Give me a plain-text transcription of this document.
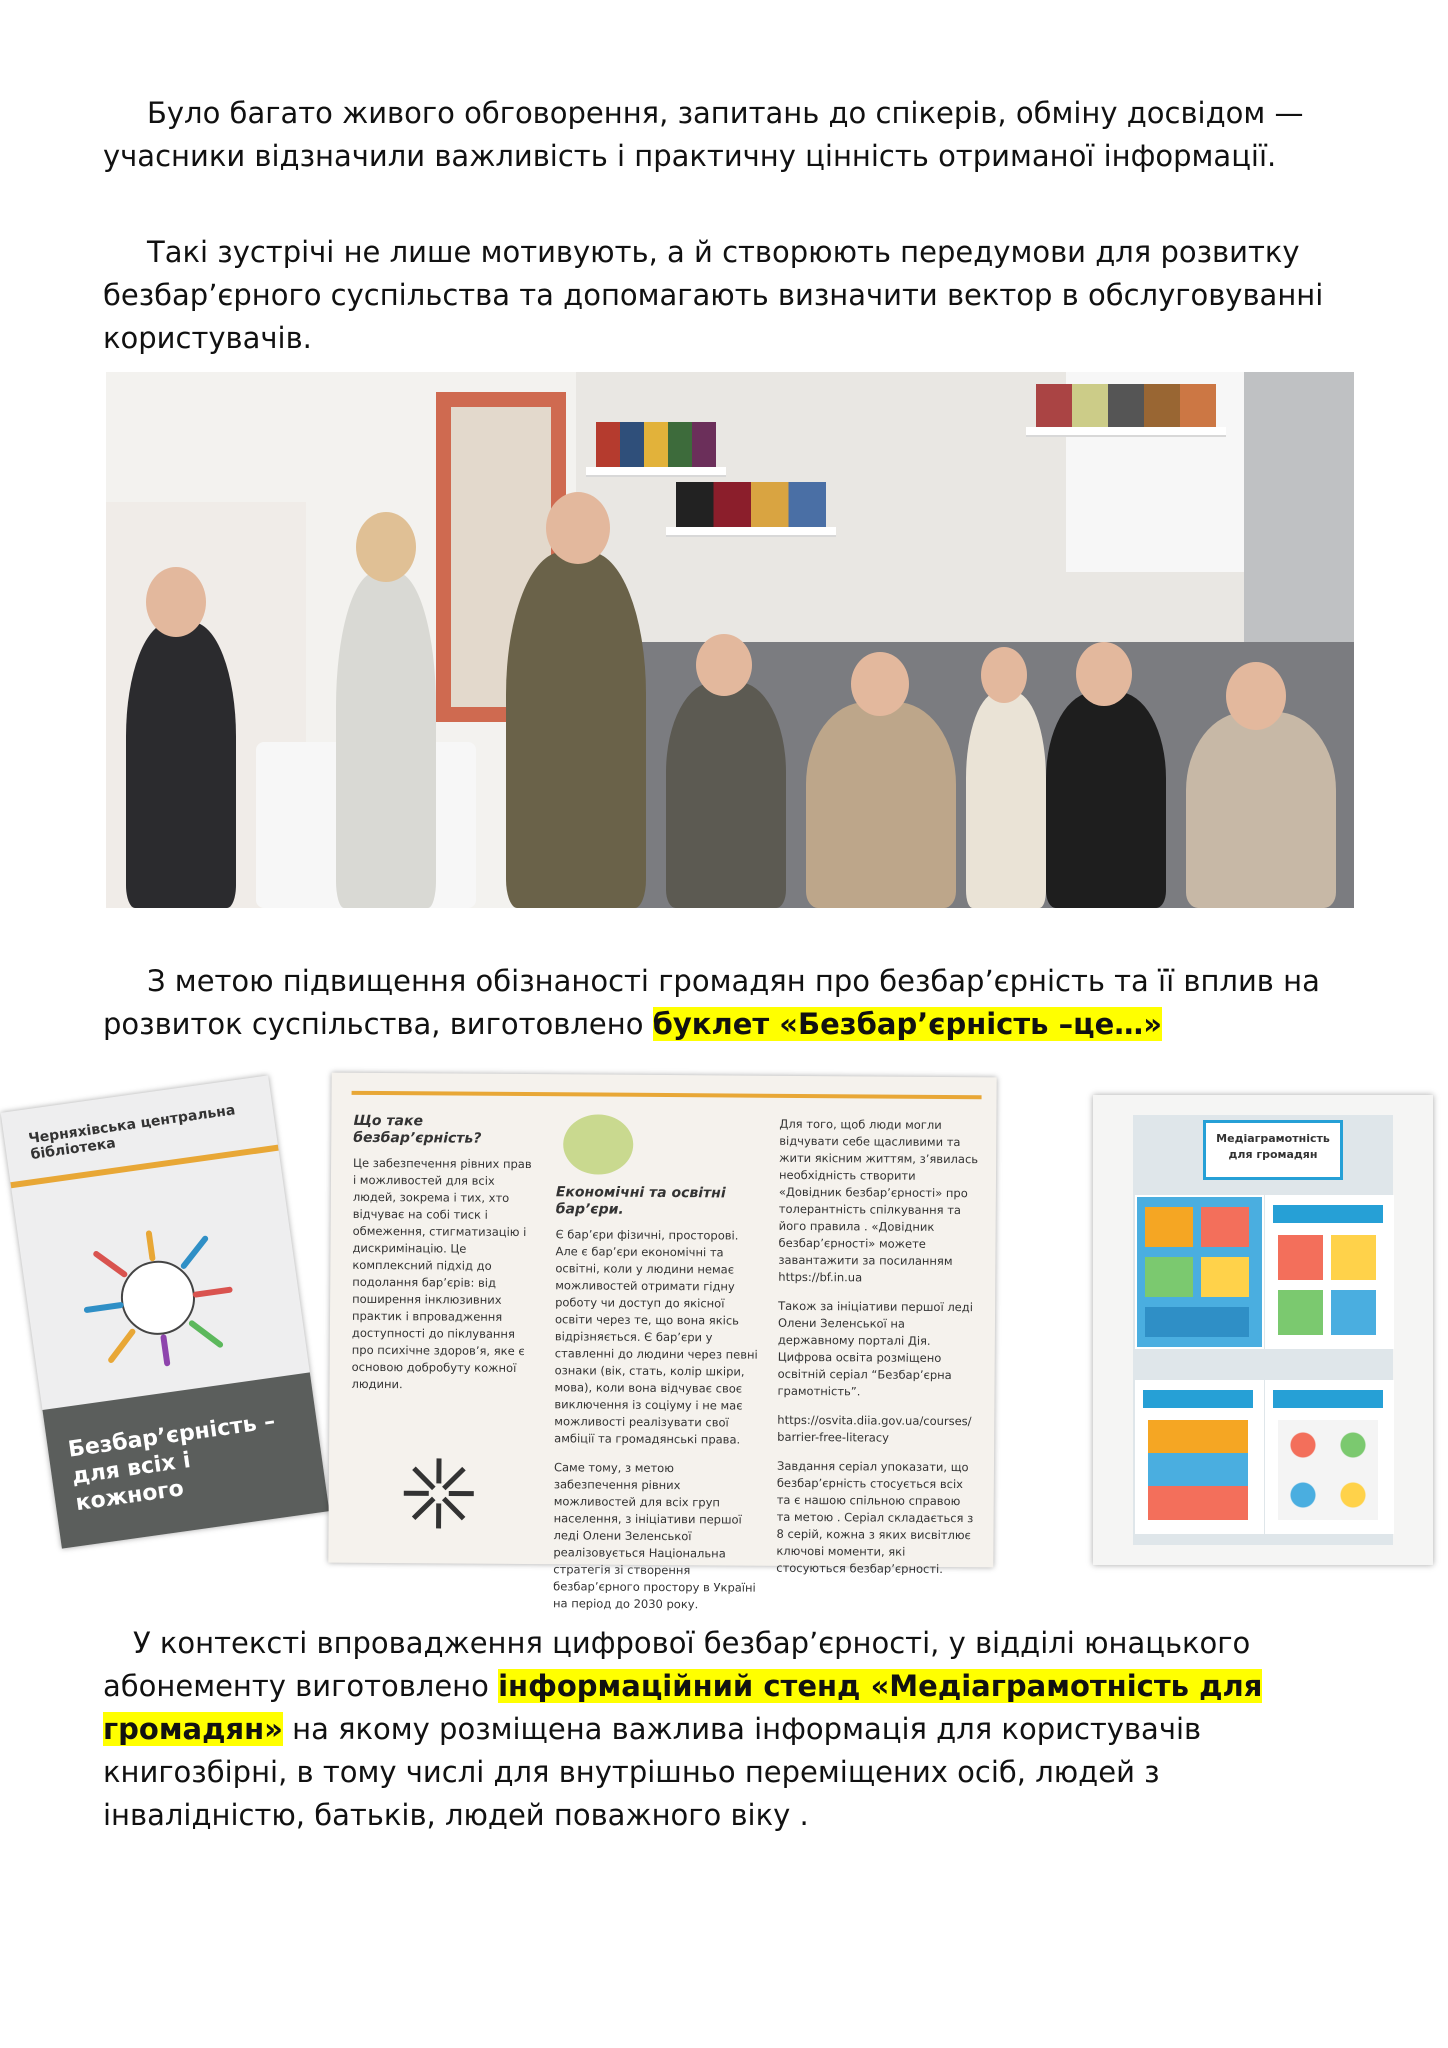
Було багато живого обговорення, запитань до спікерів, обміну досвідом — учасники відзначили важливість і практичну цінність отриманої інформації.

Такі зустрічі не лише мотивують, а й створюють передумови для розвитку безбар’єрного суспільства та допомагають визначити вектор в обслуговуванні користувачів.

З метою підвищення обізнаності громадян про безбар’єрність та її вплив на розвиток суспільства, виготовлено буклет «Безбар’єрність –це…»

Черняхівська центральна бібліотека
Безбар’єрність – для всіх і кожного
Що таке безбар’єрність?
Це забезпечення рівних прав і можливостей для всіх людей, зокрема і тих, хто відчуває на собі тиск і обмеження, стигматизацію і дискримінацію. Це комплексний підхід до подолання бар’єрів: від поширення інклюзивних практик і впровадження доступності до піклування про психічне здоров’я, яке є основою добробуту кожної людини.
Економічні та освітні бар’єри.
Є бар’єри фізичні, просторові. Але є бар’єри економічні та освітні, коли у людини немає можливостей отримати гідну роботу чи доступ до якісної освіти через те, що вона якісь відрізняється. Є бар’єри у ставленні до людини через певні ознаки (вік, стать, колір шкіри, мова), коли вона відчуває своє виключення із соціуму і не має можливості реалізувати свої амбіції та громадянські права.
Саме тому, з метою забезпечення рівних можливостей для всіх груп населення, з ініціативи першої леді Олени Зеленської реалізовується Національна стратегія зі створення безбар’єрного простору в Україні на період до 2030 року.
Для того, щоб люди могли відчувати себе щасливими та жити якісним життям, з’явилась необхідність створити «Довідник безбар’єрності» про толерантність спілкування та його правила . «Довідник безбар’єрності» можете завантажити за посиланням https://bf.in.ua
Також за ініціативи першої леді Олени Зеленської на державному порталі Дія. Цифрова освіта розміщено освітній серіал “Безбар’єрна грамотність”.
https://osvita.diia.gov.ua/courses/barrier-free-literacy
Завдання серіал упоказати, що безбар’єрність стосується всіх та є нашою спільною справою та метою . Серіал складається з 8 серій, кожна з яких висвітлює ключові моменти, які стосуються безбар’єрності.
Медіаграмотність для громадян

У контексті впровадження цифрової безбар’єрності, у відділі юнацького абонементу виготовлено інформаційний стенд «Медіаграмотність для громадян» на якому розміщена важлива інформація для користувачів книгозбірні, в тому числі для внутрішньо переміщених осіб, людей з інвалідністю, батьків, людей поважного віку .
